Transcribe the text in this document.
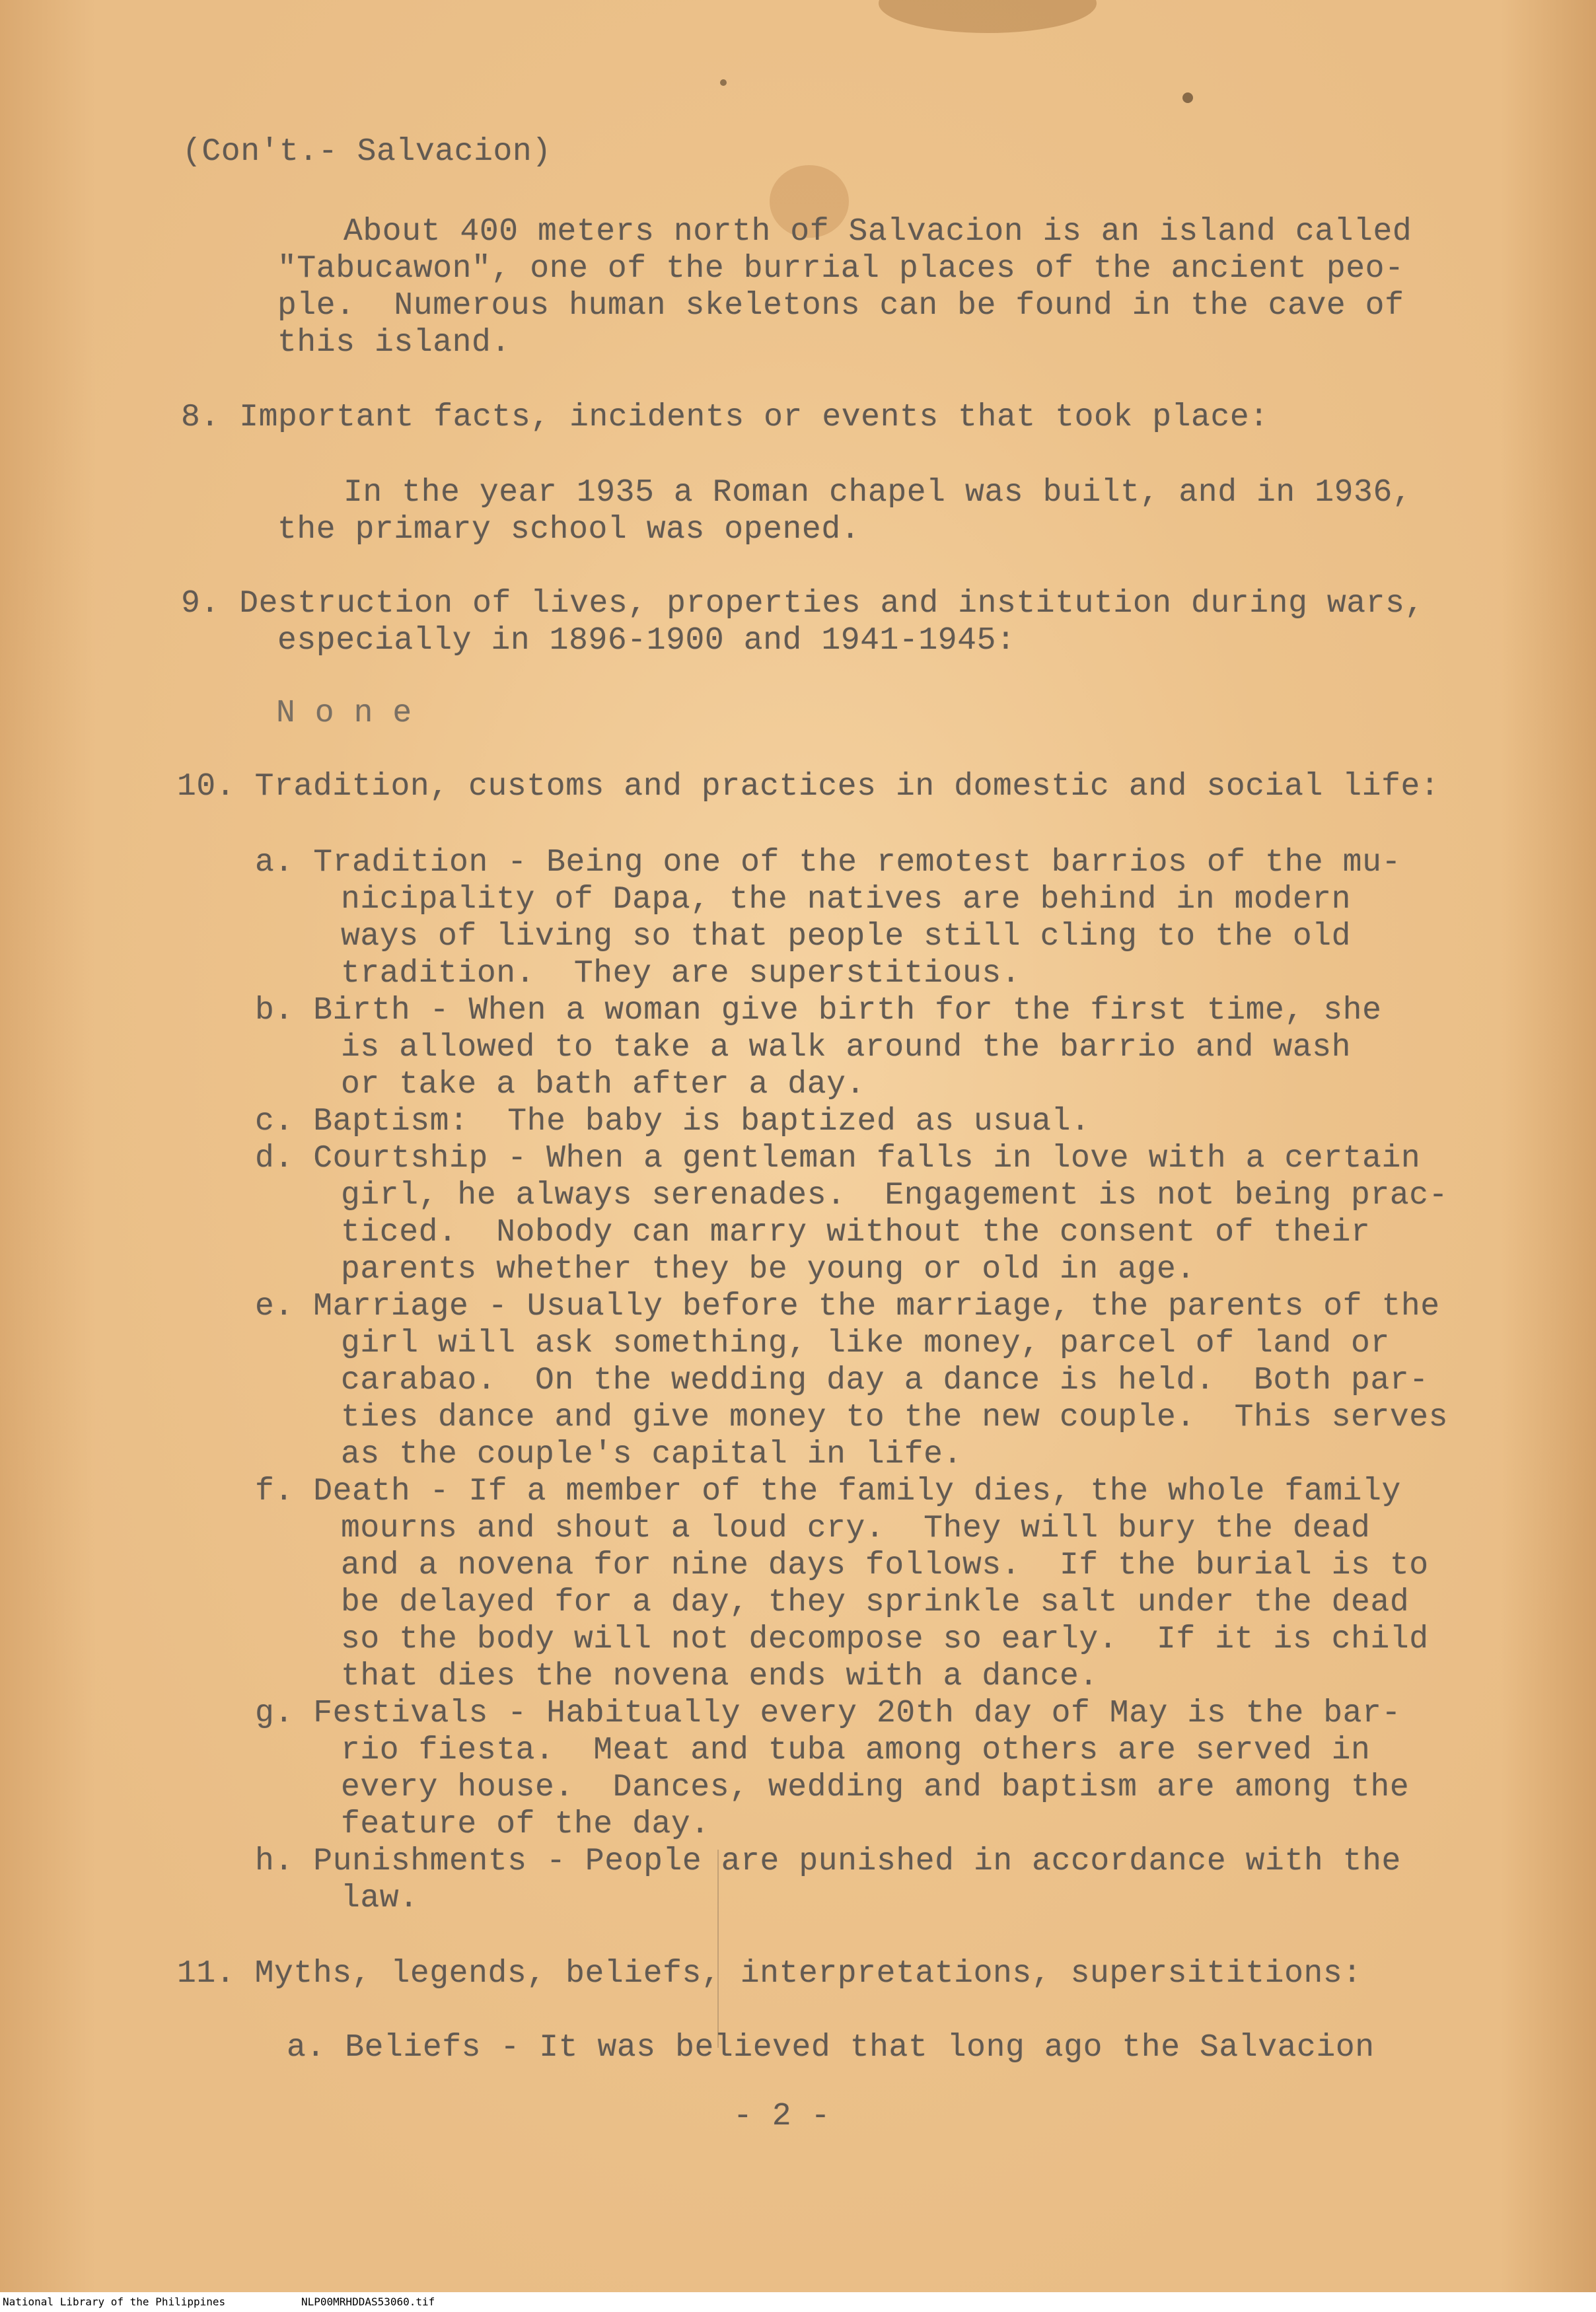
(Con't.- Salvacion)
About 400 meters north of Salvacion is an island called
"Tabucawon", one of the burrial places of the ancient peo-
ple.  Numerous human skeletons can be found in the cave of
this island.
8. Important facts, incidents or events that took place:
In the year 1935 a Roman chapel was built, and in 1936,
the primary school was opened.
9. Destruction of lives, properties and institution during wars,
especially in 1896-1900 and 1941-1945:
N o n e
10. Tradition, customs and practices in domestic and social life:
a. Tradition - Being one of the remotest barrios of the mu-
nicipality of Dapa, the natives are behind in modern
ways of living so that people still cling to the old
tradition.  They are superstitious.
b. Birth - When a woman give birth for the first time, she
is allowed to take a walk around the barrio and wash
or take a bath after a day.
c. Baptism:  The baby is baptized as usual.
d. Courtship - When a gentleman falls in love with a certain
girl, he always serenades.  Engagement is not being prac-
ticed.  Nobody can marry without the consent of their
parents whether they be young or old in age.
e. Marriage - Usually before the marriage, the parents of the
girl will ask something, like money, parcel of land or
carabao.  On the wedding day a dance is held.  Both par-
ties dance and give money to the new couple.  This serves
as the couple's capital in life.
f. Death - If a member of the family dies, the whole family
mourns and shout a loud cry.  They will bury the dead
and a novena for nine days follows.  If the burial is to
be delayed for a day, they sprinkle salt under the dead
so the body will not decompose so early.  If it is child
that dies the novena ends with a dance.
g. Festivals - Habitually every 20th day of May is the bar-
rio fiesta.  Meat and tuba among others are served in
every house.  Dances, wedding and baptism are among the
feature of the day.
h. Punishments - People are punished in accordance with the
law.
11. Myths, legends, beliefs, interpretations, supersititions:
a. Beliefs - It was believed that long ago the Salvacion
- 2 -
National Library of the Philippines	NLP00MRHDDAS53060.tif
